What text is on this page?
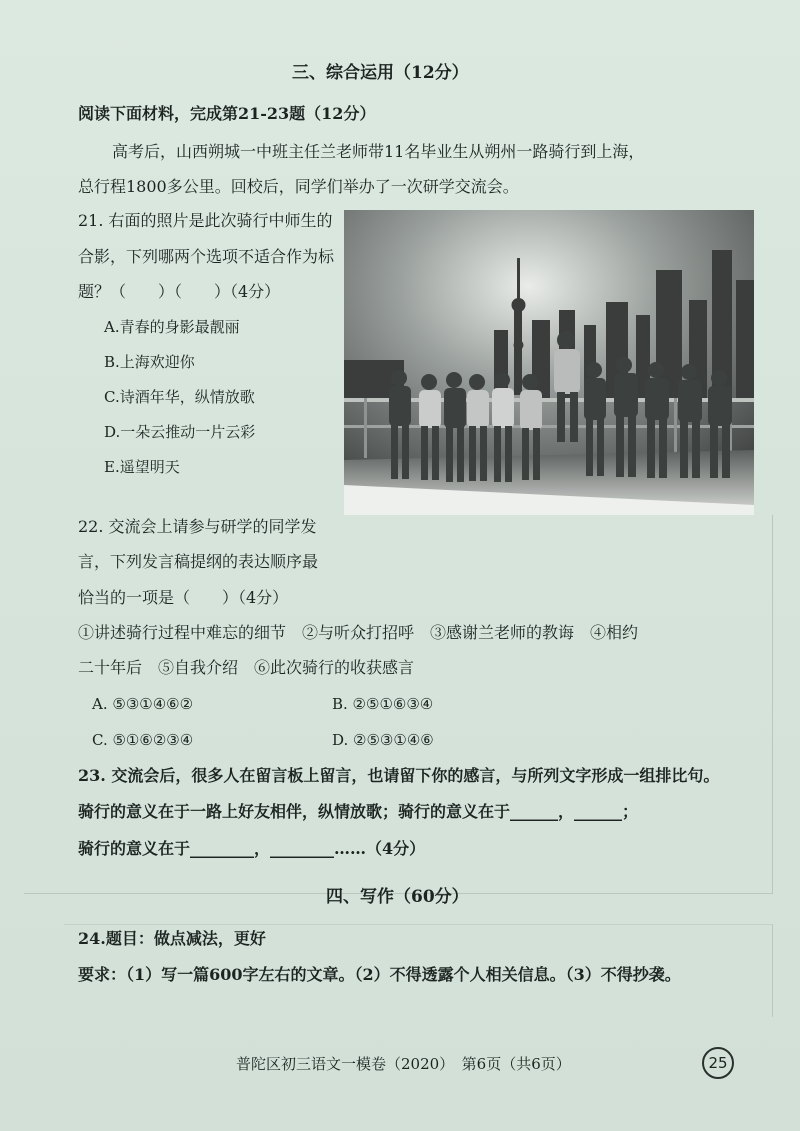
三、综合运用（12分）
阅读下面材料，完成第21-23题（12分）
高考后，山西朔城一中班主任兰老师带11名毕业生从朔州一路骑行到上海，
总行程1800多公里。回校后，同学们举办了一次研学交流会。
21. 右面的照片是此次骑行中师生的
合影，下列哪两个选项不适合作为标
题？（　　）（　　）（4分）
A.青春的身影最靓丽
B.上海欢迎你
C.诗酒年华，纵情放歌
D.一朵云推动一片云彩
E.遥望明天
22. 交流会上请参与研学的同学发
言，下列发言稿提纲的表达顺序最
恰当的一项是（　　）（4分）
①讲述骑行过程中难忘的细节　②与听众打招呼　③感谢兰老师的教诲　④相约
二十年后　⑤自我介绍　⑥此次骑行的收获感言
A. ⑤③①④⑥②	B. ②⑤①⑥③④
C. ⑤①⑥②③④	D. ②⑤③①④⑥
23. 交流会后，很多人在留言板上留言，也请留下你的感言，与所列文字形成一组排比句。
骑行的意义在于一路上好友相伴，纵情放歌；骑行的意义在于______，______；
骑行的意义在于________，________……（4分）
四、写作（60分）
24.题目：做点减法，更好
要求：（1）写一篇600字左右的文章。（2）不得透露个人相关信息。（3）不得抄袭。
普陀区初三语文一模卷（2020）　第6页（共6页）	25
